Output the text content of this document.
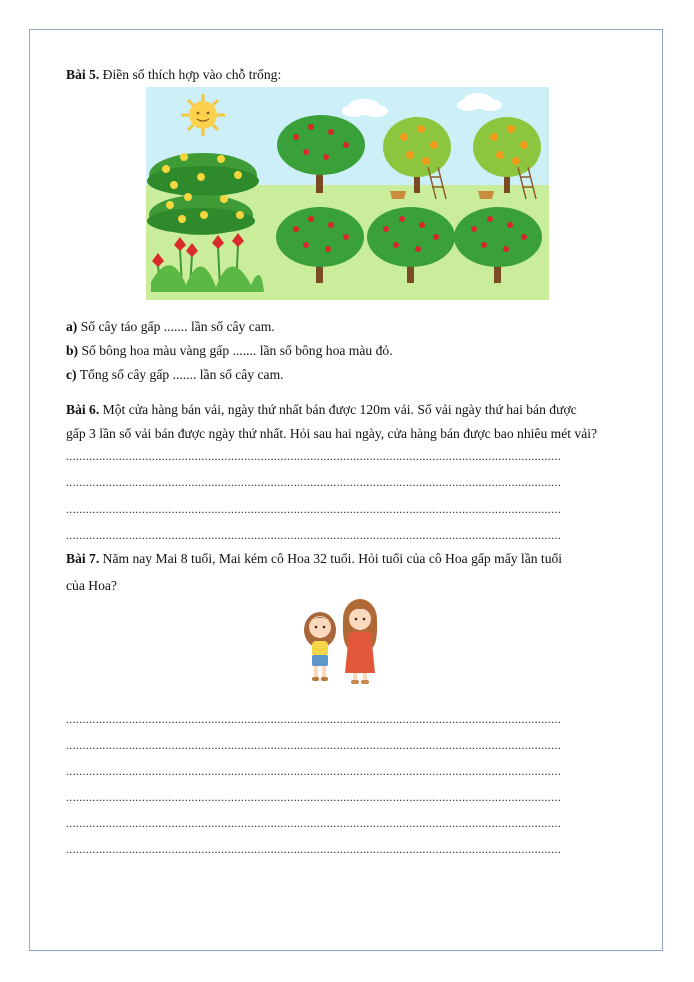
Bài 5. Điền số thích hợp vào chỗ trống:
a) Số cây táo gấp ....... lần số cây cam.
b) Số bông hoa màu vàng gấp ....... lần số bông hoa màu đỏ.
c) Tổng số cây gấp ....... lần số cây cam.
Bài 6. Một cửa hàng bán vải, ngày thứ nhất bán được 120m vải. Số vải ngày thứ hai bán được
gấp 3 lần số vải bán được ngày thứ nhất. Hỏi sau hai ngày, cửa hàng bán được bao nhiêu mét vải?
......................................................................................................................................................
......................................................................................................................................................
......................................................................................................................................................
......................................................................................................................................................
Bài 7. Năm nay Mai 8 tuổi, Mai kém cô Hoa 32 tuổi. Hỏi tuổi của cô Hoa gấp mấy lần tuổi
của Hoa?
......................................................................................................................................................
......................................................................................................................................................
......................................................................................................................................................
......................................................................................................................................................
......................................................................................................................................................
......................................................................................................................................................
